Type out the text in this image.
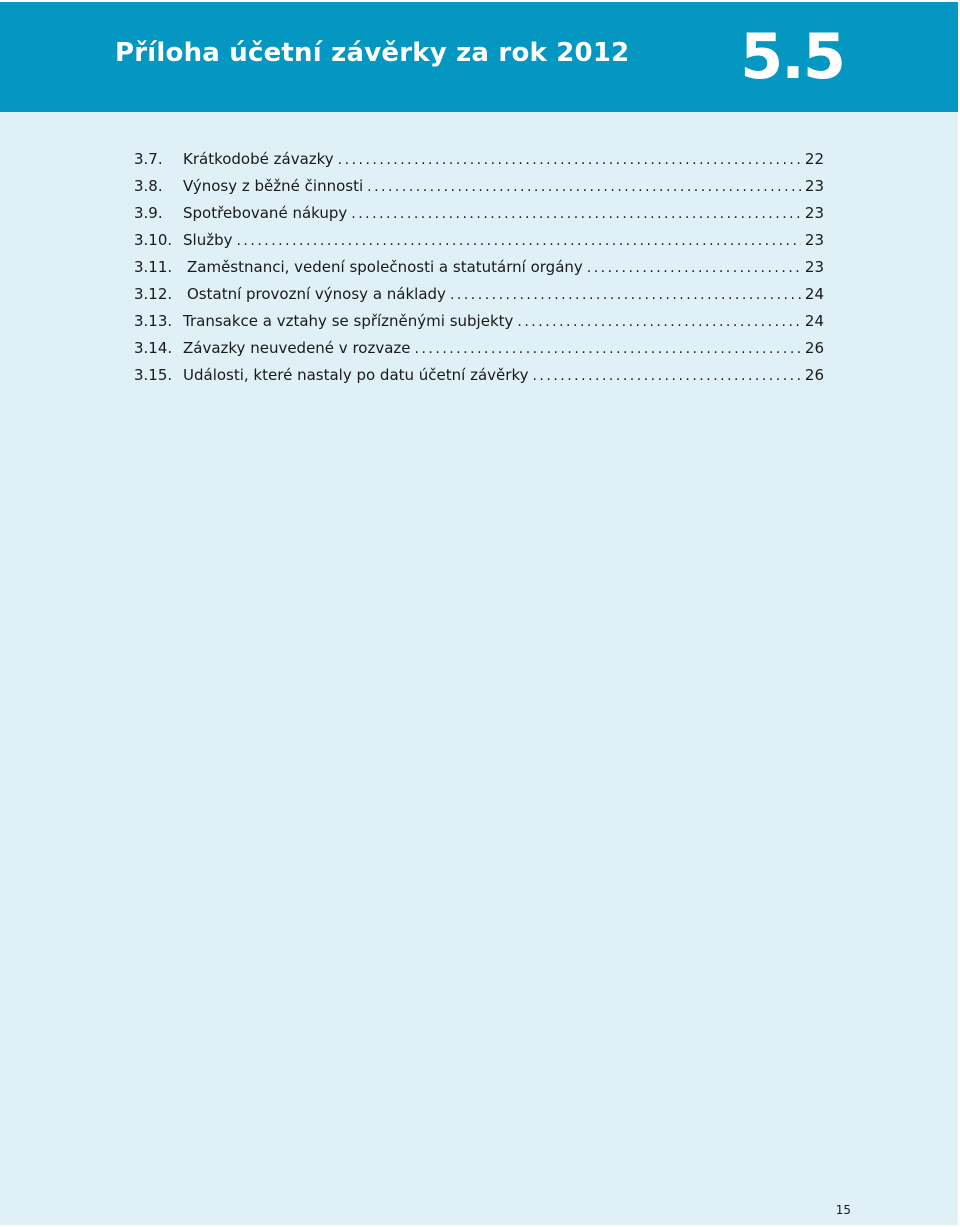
Příloha účetní závěrky za rok 2012 5.5
3.7.	Krátkodobé závazky .....	22
3.8.	Výnosy z běžné činnosti .....	23
3.9.	Spotřebované nákupy .....	23
3.10. Služby .....	23
3.11. Zaměstnanci, vedení společnosti a statutární orgány .....	23
3.12. Ostatní provozní výnosy a náklady .....	24
3.13. Transakce a vztahy se spřízněnými subjekty .....	24
3.14. Závazky neuvedené v rozvaze .....	26
3.15. Události, které nastaly po datu účetní závěrky .....	26
15
